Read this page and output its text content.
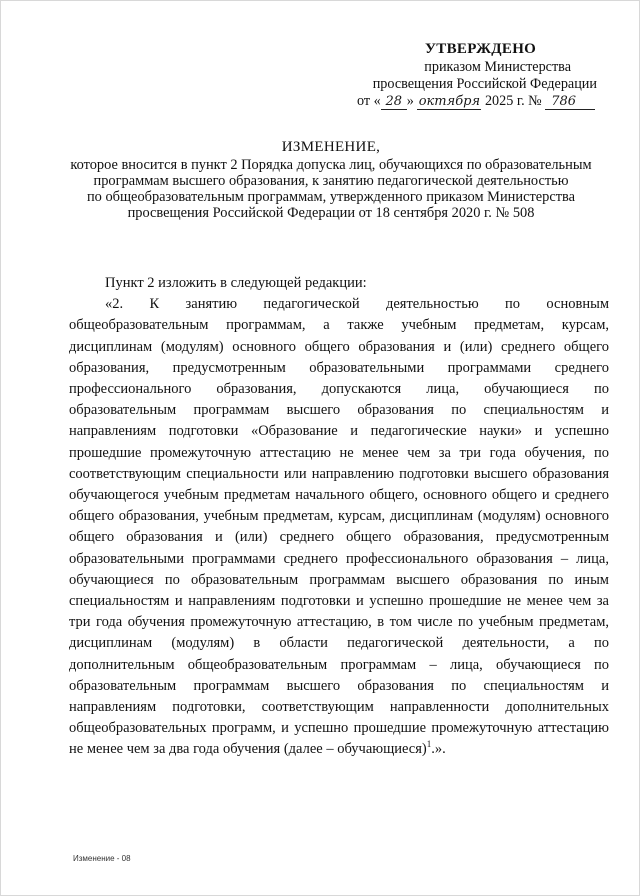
УТВЕРЖДЕНО
приказом Министерства
просвещения Российской Федерации
от « 28 » октября 2025 г. № 786
ИЗМЕНЕНИЕ,
которое вносится в пункт 2 Порядка допуска лиц, обучающихся по образовательным
программам высшего образования, к занятию педагогической деятельностью
по общеобразовательным программам, утвержденного приказом Министерства
просвещения Российской Федерации от 18 сентября 2020 г. № 508
Пункт 2 изложить в следующей редакции:
«2. К занятию педагогической деятельностью по основным общеобразовательным программам, а также учебным предметам, курсам, дисциплинам (модулям) основного общего образования и (или) среднего общего образования, предусмотренным образовательными программами среднего профессионального образования, допускаются лица, обучающиеся по образовательным программам высшего образования по специальностям и направлениям подготовки «Образование и педагогические науки» и успешно прошедшие промежуточную аттестацию не менее чем за три года обучения, по соответствующим специальности или направлению подготовки высшего образования обучающегося учебным предметам начального общего, основного общего и среднего общего образования, учебным предметам, курсам, дисциплинам (модулям) основного общего образования и (или) среднего общего образования, предусмотренным образовательными программами среднего профессионального образования – лица, обучающиеся по образовательным программам высшего образования по иным специальностям и направлениям подготовки и успешно прошедшие не менее чем за три года обучения промежуточную аттестацию, в том числе по учебным предметам, дисциплинам (модулям) в области педагогической деятельности, а по дополнительным общеобразовательным программам – лица, обучающиеся по образовательным программам высшего образования по специальностям и направлениям подготовки, соответствующим направленности дополнительных общеобразовательных программ, и успешно прошедшие промежуточную аттестацию не менее чем за два года обучения (далее – обучающиеся)$^1$.».
Изменение - 08
